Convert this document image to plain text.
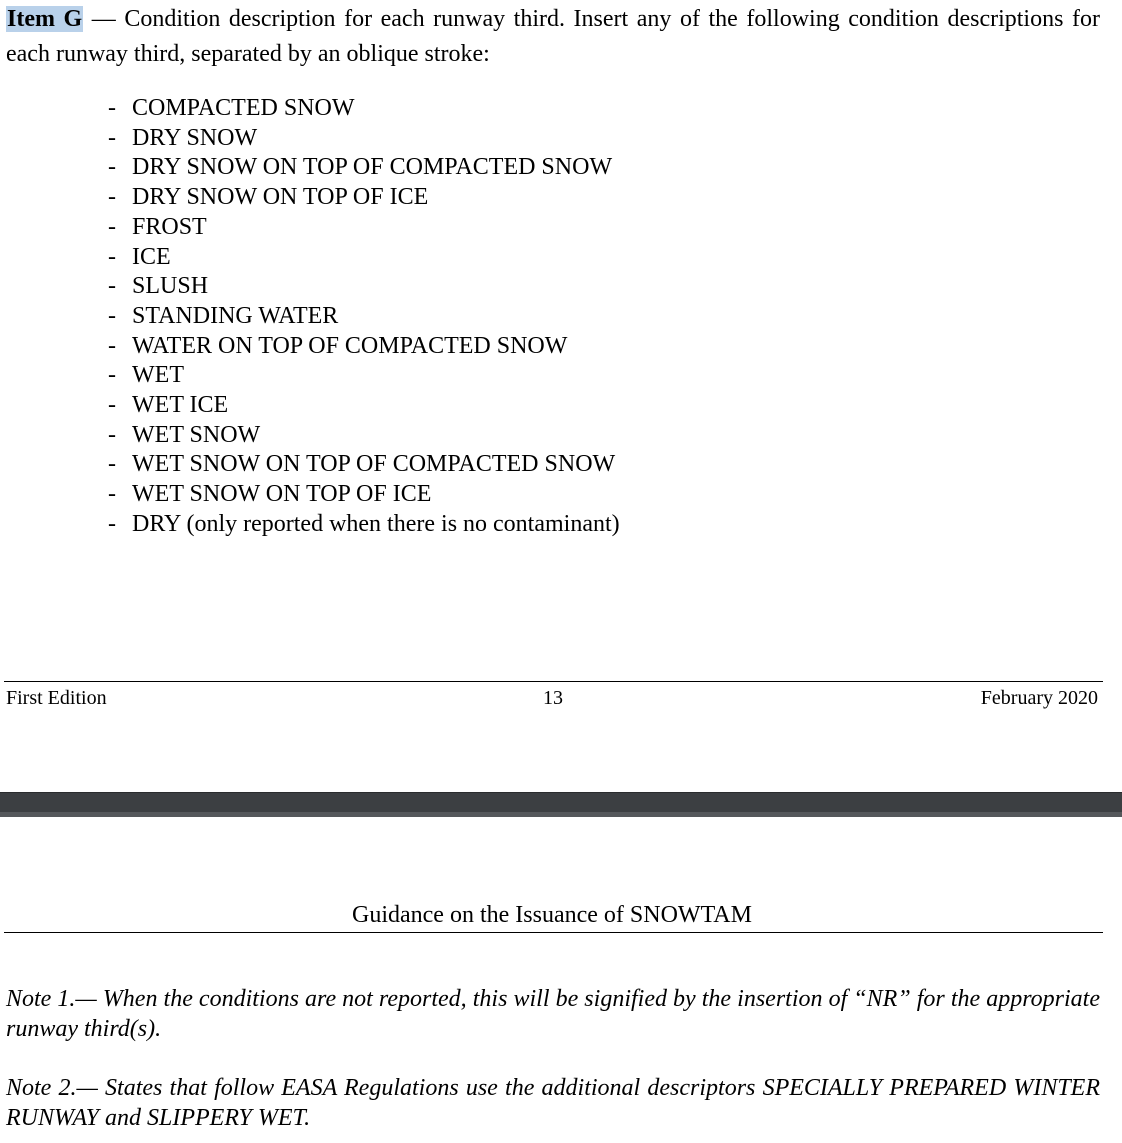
Item G — Condition description for each runway third. Insert any of the following condition descriptions for each runway third, separated by an oblique stroke:
- COMPACTED SNOW
- DRY SNOW
- DRY SNOW ON TOP OF COMPACTED SNOW
- DRY SNOW ON TOP OF ICE
- FROST
- ICE
- SLUSH
- STANDING WATER
- WATER ON TOP OF COMPACTED SNOW
- WET
- WET ICE
- WET SNOW
- WET SNOW ON TOP OF COMPACTED SNOW
- WET SNOW ON TOP OF ICE
- DRY (only reported when there is no contaminant)
First Edition	13	February 2020
Guidance on the Issuance of SNOWTAM
Note 1.— When the conditions are not reported, this will be signified by the insertion of “NR” for the appropriate runway third(s).
Note 2.— States that follow EASA Regulations use the additional descriptors SPECIALLY PREPARED WINTER RUNWAY and SLIPPERY WET.
